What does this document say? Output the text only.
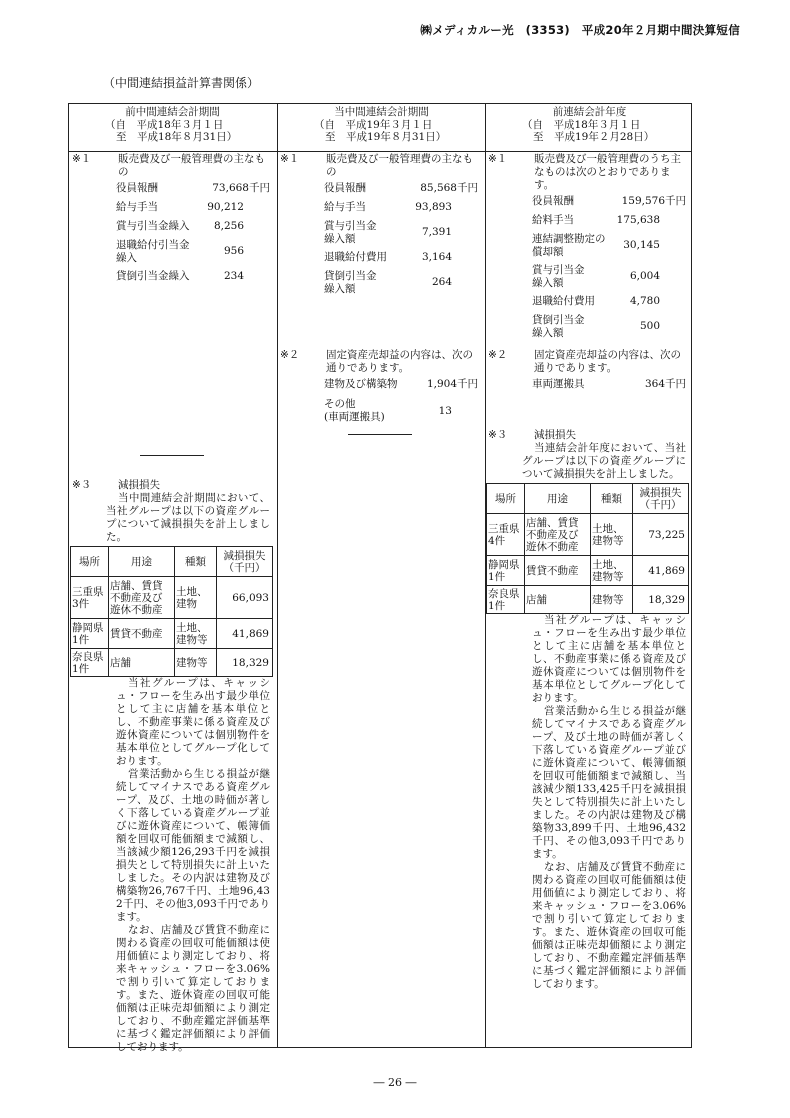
㈱メディカルー光　(3353)　平成20年２月期中間決算短信
（中間連結損益計算書関係）
前中間連結会計期間
（自　平成18年３月１日
至　平成18年８月31日）
当中間連結会計期間
（自　平成19年３月１日
至　平成19年８月31日）
前連結会計年度
（自　平成18年３月１日
至　平成19年２月28日）
※１	販売費及び一般管理費の主なもの
役員報酬	73,668千円
給与手当	90,212
賞与引当金繰入 8,256
退職給付引当金
繰入
956
貸倒引当金繰入	234
※３	減損損失
当中間連結会計期間において、当社グループは以下の資産グループについて減損損失を計上しました。
場所	用途	種類	減損損失
（千円）
三重県
3件	店舗、賃貸
不動産及び
遊休不動産	土地、
建物	66,093
静岡県
1件	賃貸不動産	土地、
建物等	41,869
奈良県
1件	店舗	建物等	18,329
当社グループは、キャッシュ・フローを生み出す最少単位として主に店舗を基本単位とし、不動産事業に係る資産及び遊休資産については個別物件を基本単位としてグループ化しております。
営業活動から生じる損益が継続してマイナスである資産グループ、及び、土地の時価が著しく下落している資産グループ並びに遊休資産について、帳簿価額を回収可能価額まで減額し、当該減少額126,293千円を減損損失として特別損失に計上いたしました。その内訳は建物及び構築物26,767千円、土地96,432千円、その他3,093千円であります。
なお、店舗及び賃貸不動産に関わる資産の回収可能価額は使用価値により測定しており、将来キャッシュ・フローを3.06%で割り引いて算定しております。また、遊休資産の回収可能価額は正味売却価額により測定しており、不動産鑑定評価基準に基づく鑑定評価額により評価しております。
※１	販売費及び一般管理費の主なもの
役員報酬	85,568千円
給与手当	93,893
賞与引当金
繰入額
7,391
退職給付費用	3,164
貸倒引当金
繰入額
264
※２	固定資産売却益の内容は、次の通りであります。
建物及び構築物	1,904千円
その他
(車両運搬具)
13
※１	販売費及び一般管理費のうち主なものは次のとおりであります。
役員報酬	159,576千円
給料手当	175,638
連結調整勘定の
償却額
30,145
賞与引当金
繰入額
6,004
退職給付費用	4,780
貸倒引当金
繰入額
500
※２	固定資産売却益の内容は、次の通りであります。
車両運搬具	364千円
※３	減損損失
当連結会計年度において、当社グループは以下の資産グループについて減損損失を計上しました。
場所	用途	種類	減損損失
（千円）
三重県
4件	店舗、賃貸
不動産及び
遊休不動産	土地、
建物等	73,225
静岡県
1件	賃貸不動産	土地、
建物等	41,869
奈良県
1件	店舗	建物等	18,329
当社グループは、キャッシュ・フローを生み出す最少単位として主に店舗を基本単位とし、不動産事業に係る資産及び遊休資産については個別物件を基本単位としてグループ化しております。
営業活動から生じる損益が継続してマイナスである資産グループ、及び土地の時価が著しく下落している資産グループ並びに遊休資産について、帳簿価額を回収可能価額まで減額し、当該減少額133,425千円を減損損失として特別損失に計上いたしました。その内訳は建物及び構築物33,899千円、土地96,432千円、その他3,093千円であります。
なお、店舗及び賃貸不動産に関わる資産の回収可能価額は使用価値により測定しており、将来キャッシュ・フローを3.06%で割り引いて算定しております。また、遊休資産の回収可能価額は正味売却価額により測定しており、不動産鑑定評価基準に基づく鑑定評価額により評価しております。
― 26 ―
